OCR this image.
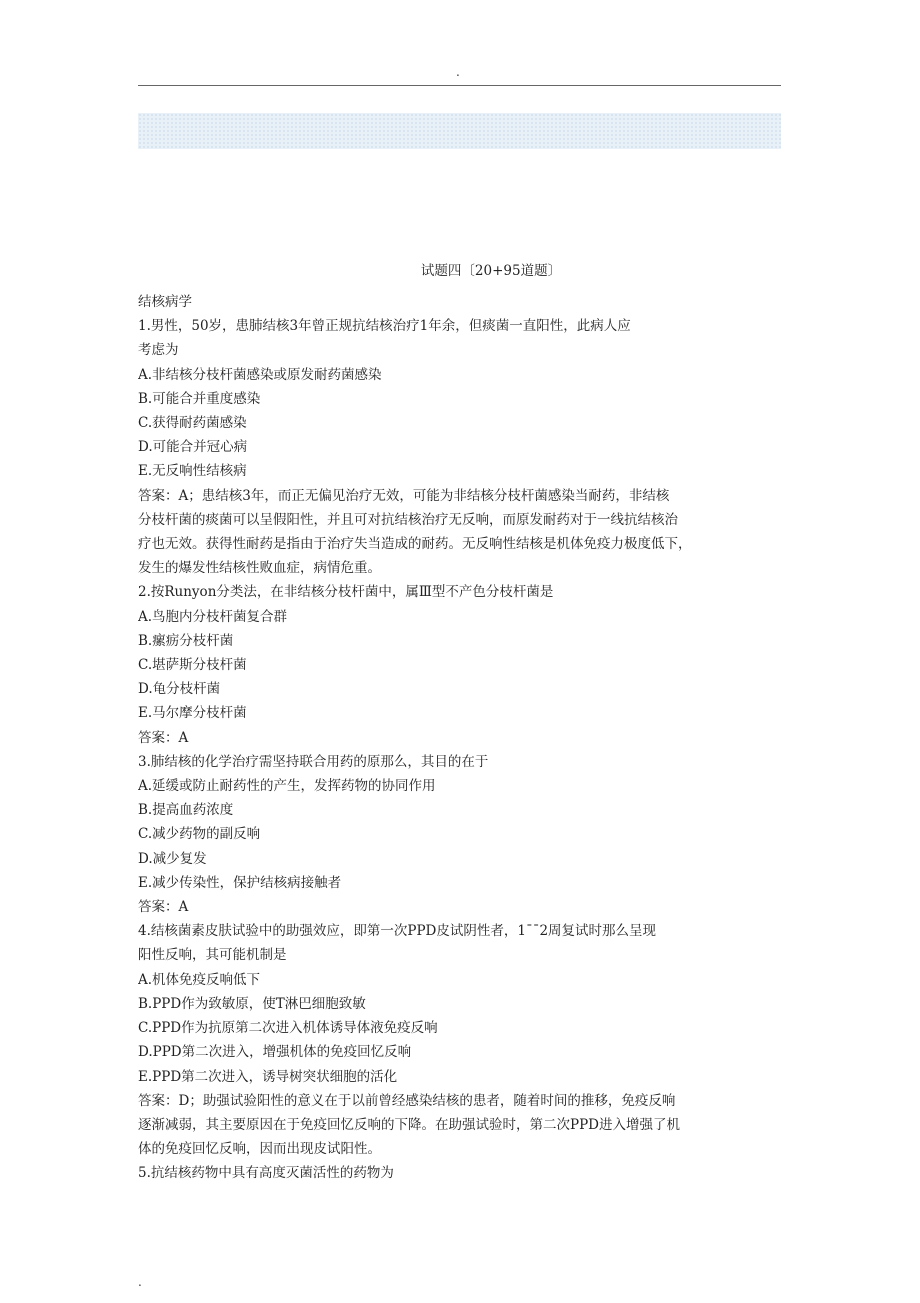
.
试题四〔20+95道题〕
结核病学
1.男性，50岁，患肺结核3年曾正规抗结核治疗1年余，但痰菌一直阳性，此病人应
考虑为
A.非结核分枝杆菌感染或原发耐药菌感染
B.可能合并重度感染
C.获得耐药菌感染
D.可能合并冠心病
E.无反响性结核病
答案：A；患结核3年，而正无偏见治疗无效，可能为非结核分枝杆菌感染当耐药，非结核
分枝杆菌的痰菌可以呈假阳性，并且可对抗结核治疗无反响，而原发耐药对于一线抗结核治
疗也无效。获得性耐药是指由于治疗失当造成的耐药。无反响性结核是机体免疫力极度低下，
发生的爆发性结核性败血症，病情危重。
2.按Runyon分类法，在非结核分枝杆菌中，属Ⅲ型不产色分枝杆菌是
A.鸟胞内分枝杆菌复合群
B.瘰疬分枝杆菌
C.堪萨斯分枝杆菌
D.龟分枝杆菌
E.马尔摩分枝杆菌
答案：A
3.肺结核的化学治疗需坚持联合用药的原那么，其目的在于
A.延缓或防止耐药性的产生，发挥药物的协同作用
B.提高血药浓度
C.减少药物的副反响
D.减少复发
E.减少传染性，保护结核病接触者
答案：A
4.结核菌素皮肤试验中的助强效应，即第一次PPD皮试阴性者，1¯¯2周复试时那么呈现
阳性反响，其可能机制是
A.机体免疫反响低下
B.PPD作为致敏原，使T淋巴细胞致敏
C.PPD作为抗原第二次进入机体诱导体液免疫反响
D.PPD第二次进入，增强机体的免疫回忆反响
E.PPD第二次进入，诱导树突状细胞的活化
答案：D；助强试验阳性的意义在于以前曾经感染结核的患者，随着时间的推移，免疫反响
逐渐减弱，其主要原因在于免疫回忆反响的下降。在助强试验时，第二次PPD进入增强了机
体的免疫回忆反响，因而出现皮试阳性。
5.抗结核药物中具有高度灭菌活性的药物为
.
